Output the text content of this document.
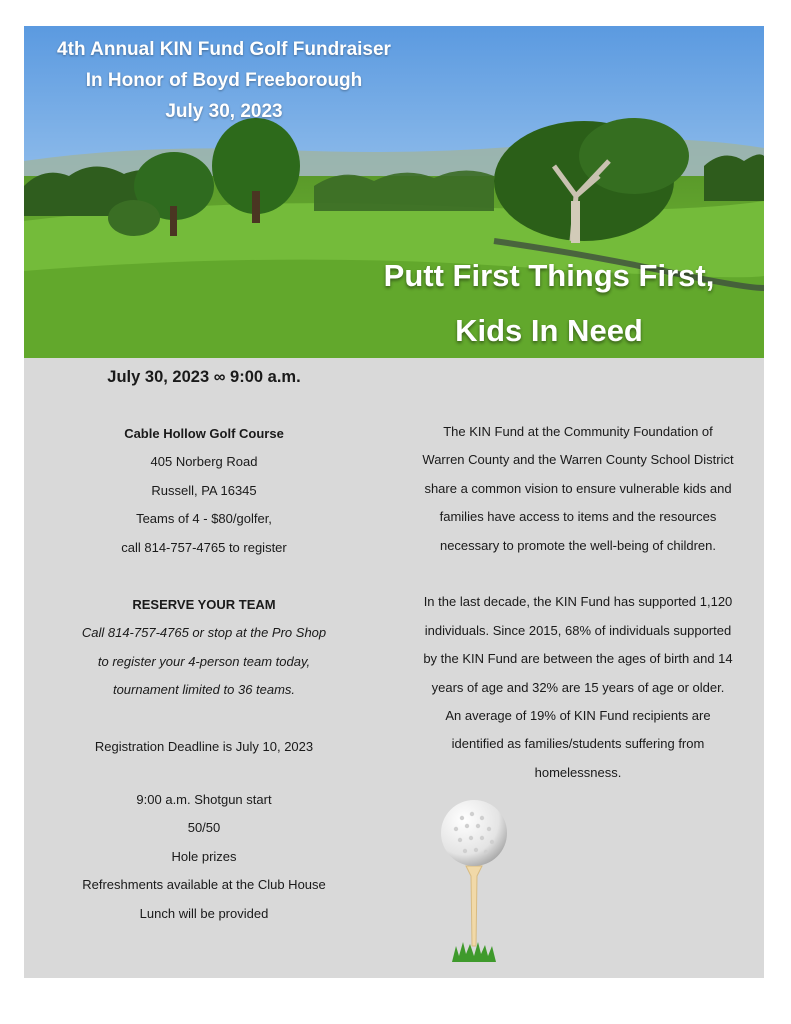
4th Annual KIN Fund Golf Fundraiser
In Honor of Boyd Freeborough
July 30, 2023
Putt First Things First,
Kids In Need
July 30, 2023 ∞ 9:00 a.m.

Cable Hollow Golf Course
405 Norberg Road
Russell, PA 16345
Teams of 4 - $80/golfer,
call 814-757-4765 to register

RESERVE YOUR TEAM
Call 814-757-4765 or stop at the Pro Shop
to register your 4-person team today,
tournament limited to 36 teams.

Registration Deadline is July 10, 2023

9:00 a.m. Shotgun start
50/50
Hole prizes
Refreshments available at the Club House
Lunch will be provided
The KIN Fund at the Community Foundation of
Warren County and the Warren County School District
share a common vision to ensure vulnerable kids and
families have access to items and the resources
necessary to promote the well-being of children.

In the last decade, the KIN Fund has supported 1,120
individuals. Since 2015, 68% of individuals supported
by the KIN Fund are between the ages of birth and 14
years of age and 32% are 15 years of age or older.
An average of 19% of KIN Fund recipients are
identified as families/students suffering from
homelessness.
